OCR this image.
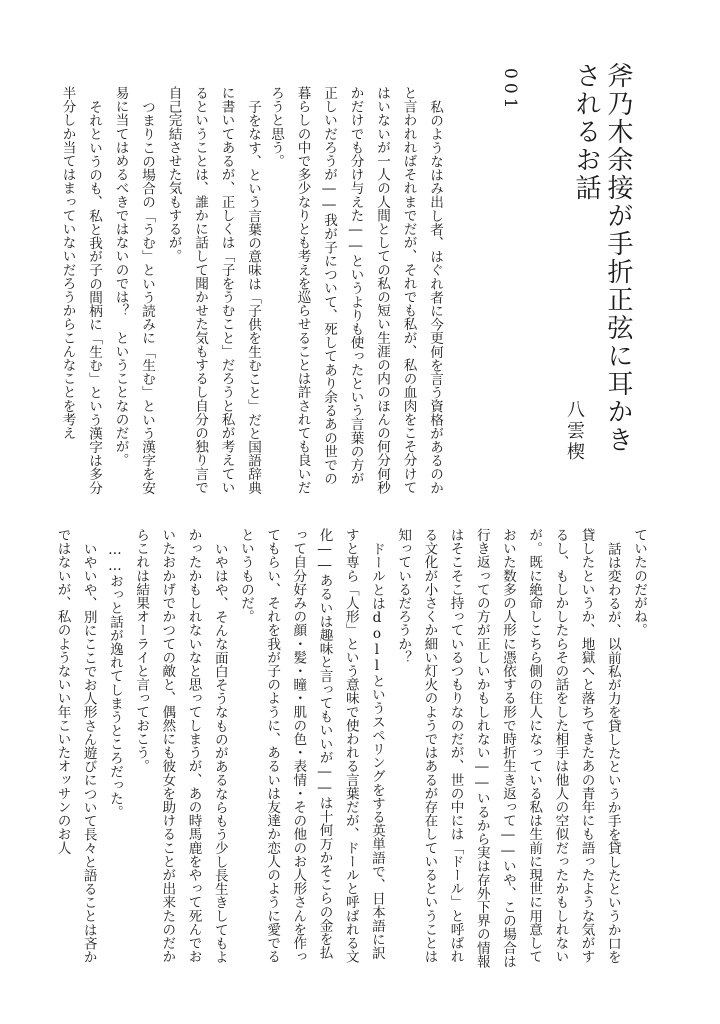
斧乃木余接が手折正弦に耳かきされるお話
八雲楔
001

私のようなはみ出し者、はぐれ者に今更何を言う資格があるのかと言われればそれまでだが、それでも私が、私の血肉をこそ分けてはいないが一人の人間としての私の短い生涯の内のほんの何分何秒かだけでも分け与えた――というよりも使ったという言葉の方が正しいだろうが――我が子について、死してあり余るあの世での暮らしの中で多少なりとも考えを巡らせることは許されても良いだろうと思う。

子をなす、という言葉の意味は「子供を生むこと」だと国語辞典に書いてあるが、正しくは「子をうむこと」だろうと私が考えているということは、誰かに話して聞かせた気もするし自分の独り言で自己完結させた気もするが。

つまりこの場合の「うむ」という読みに「生む」という漢字を安易に当てはめるべきではないのでは？　ということなのだが。

それというのも、私と我が子の間柄に「生む」という漢字は多分半分しか当てはまっていないだろうからこんなことを考え

ていたのだがね。

話は変わるが、以前私が力を貸したというか手を貸したというか口を貸したというか、地獄へと落ちてきたあの青年にも語ったような気がするし、もしかしたらその話をした相手は他人の空似だったかもしれないが。既に絶命しこちら側の住人になっている私は生前に現世に用意しておいた数多の人形に憑依する形で時折生き返って――いや、この場合は行き返っての方が正しいかもしれない――いるから実は存外下界の情報はそこそこ持っているつもりなのだが、世の中には「ドール」と呼ばれる文化が小さくか細い灯火のようではあるが存在しているということは知っているだろうか？

ドールとはdollというスペリングをする英単語で、日本語に訳すと専ら「人形」という意味で使われる言葉だが、ドールと呼ばれる文化――あるいは趣味と言ってもいいが――は十何万かそこらの金を払って自分好みの顔・髪・瞳・肌の色・表情・その他のお人形さんを作ってもらい、それを我が子のように、あるいは友達か恋人のように愛でるというものだ。

いやはや、そんな面白そうなものがあるならもう少し長生きしてもよかったかもしれないなと思ってしまうが、あの時馬鹿をやって死んでおいたおかげでかつての敵と、偶然にも彼女を助けることが出来たのだからこれは結果オーライと言っておこう。

……おっと話が逸れてしまうところだった。

いやいや、別にここでお人形さん遊びについて長々と語ることは吝かではないが、私のようないい年こいたオッサンのお人
